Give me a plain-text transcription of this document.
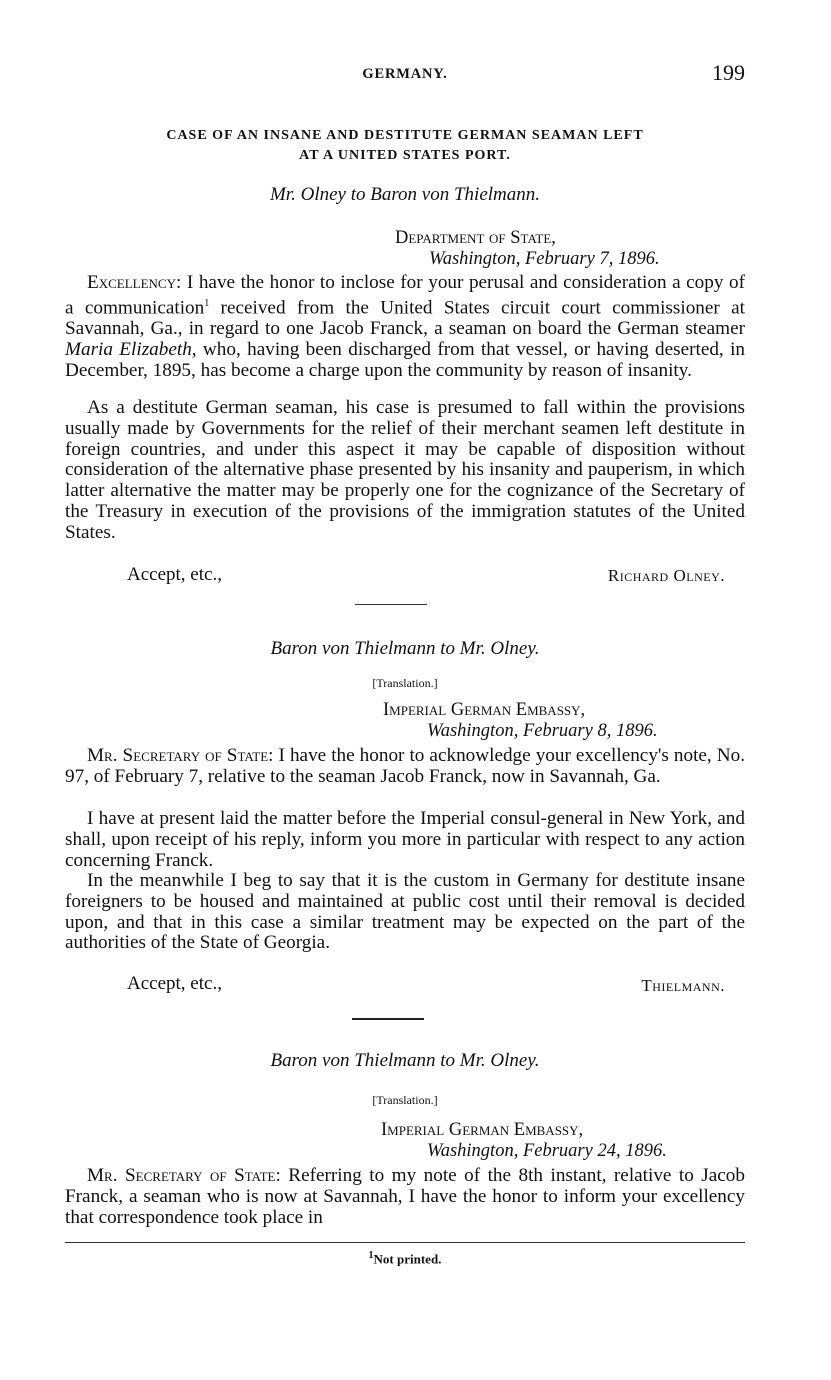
GERMANY.	199
CASE OF AN INSANE AND DESTITUTE GERMAN SEAMAN LEFT
AT A UNITED STATES PORT.
Mr. Olney to Baron von Thielmann.
Department of State,
Washington, February 7, 1896.

Excellency: I have the honor to inclose for your perusal and consideration a copy of a communication$^1$ received from the United States circuit court commissioner at Savannah, Ga., in regard to one Jacob Franck, a seaman on board the German steamer Maria Elizabeth, who, having been discharged from that vessel, or having deserted, in December, 1895, has become a charge upon the community by reason of insanity.

As a destitute German seaman, his case is presumed to fall within the provisions usually made by Governments for the relief of their merchant seamen left destitute in foreign countries, and under this aspect it may be capable of disposition without consideration of the alternative phase presented by his insanity and pauperism, in which latter alternative the matter may be properly one for the cognizance of the Secretary of the Treasury in execution of the provisions of the immigration statutes of the United States.

Accept, etc.,	Richard Olney.
Baron von Thielmann to Mr. Olney.
[Translation.]
Imperial German Embassy,
Washington, February 8, 1896.

Mr. Secretary of State: I have the honor to acknowledge your excellency's note, No. 97, of February 7, relative to the seaman Jacob Franck, now in Savannah, Ga.

I have at present laid the matter before the Imperial consul-general in New York, and shall, upon receipt of his reply, inform you more in particular with respect to any action concerning Franck.

In the meanwhile I beg to say that it is the custom in Germany for destitute insane foreigners to be housed and maintained at public cost until their removal is decided upon, and that in this case a similar treatment may be expected on the part of the authorities of the State of Georgia.

Accept, etc.,	Thielmann.
Baron von Thielmann to Mr. Olney.
[Translation.]
Imperial German Embassy,
Washington, February 24, 1896.

Mr. Secretary of State: Referring to my note of the 8th instant, relative to Jacob Franck, a seaman who is now at Savannah, I have the honor to inform your excellency that correspondence took place in

$^1$Not printed.
